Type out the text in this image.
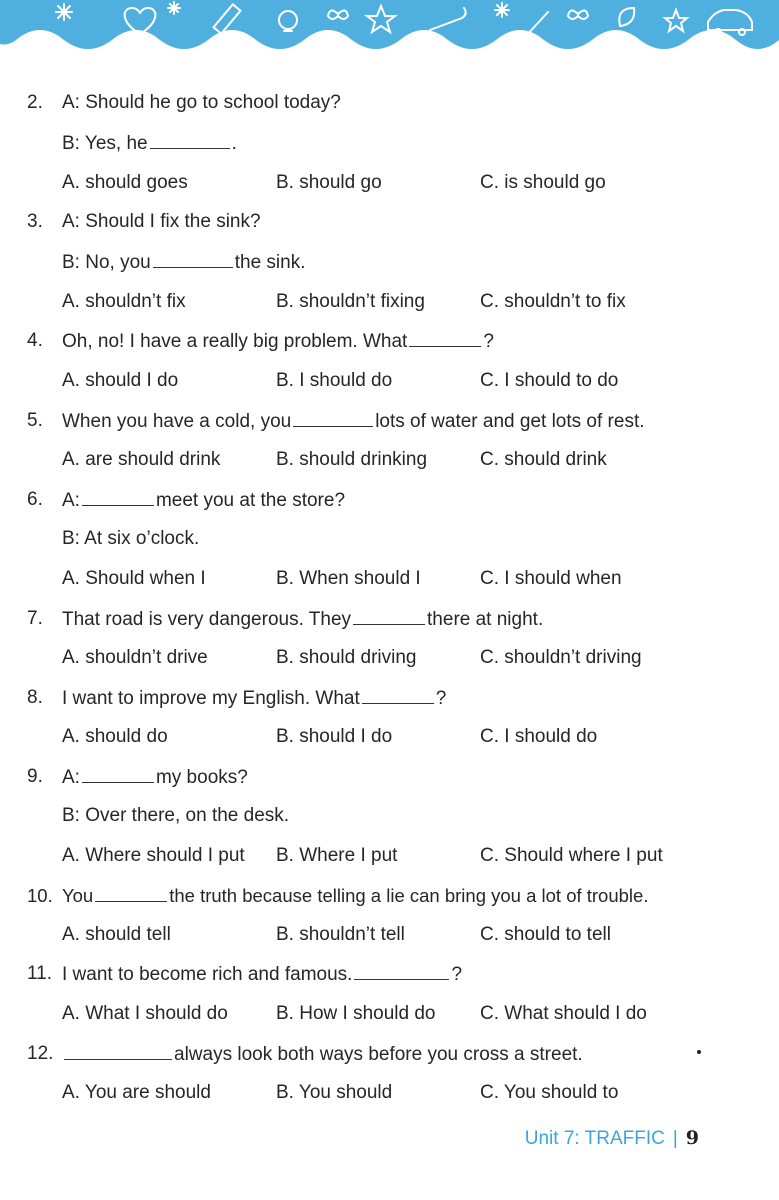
2. A: Should he go to school today?
B: Yes, he	.
A. should goes	B. should go	C. is should go
3. A: Should I fix the sink?
B: No, you	the sink.
A. shouldn’t fix	B. shouldn’t fixing	C. shouldn’t to fix
4. Oh, no! I have a really big problem. What	?
A. should I do	B. I should do	C. I should to do
5. When you have a cold, you	lots of water and get lots of rest.
A. are should drink	B. should drinking	C. should drink
6. A:	meet you at the store?
B: At six o’clock.
A. Should when I	B. When should I	C. I should when
7. That road is very dangerous. They	there at night.
A. shouldn’t drive	B. should driving	C. shouldn’t driving
8. I want to improve my English. What	?
A. should do	B. should I do	C. I should do
9. A:	my books?
B: Over there, on the desk.
A. Where should I put B. Where I put	C. Should where I put
10. You	the truth because telling a lie can bring you a lot of trouble.
A. should tell	B. shouldn’t tell	C. should to tell
11. I want to become rich and famous.	?
A. What I should do	B. How I should do C. What should I do
12.	always look both ways before you cross a street.
A. You are should	B. You should	C. You should to
Unit 7: TRAFFIC | 9
